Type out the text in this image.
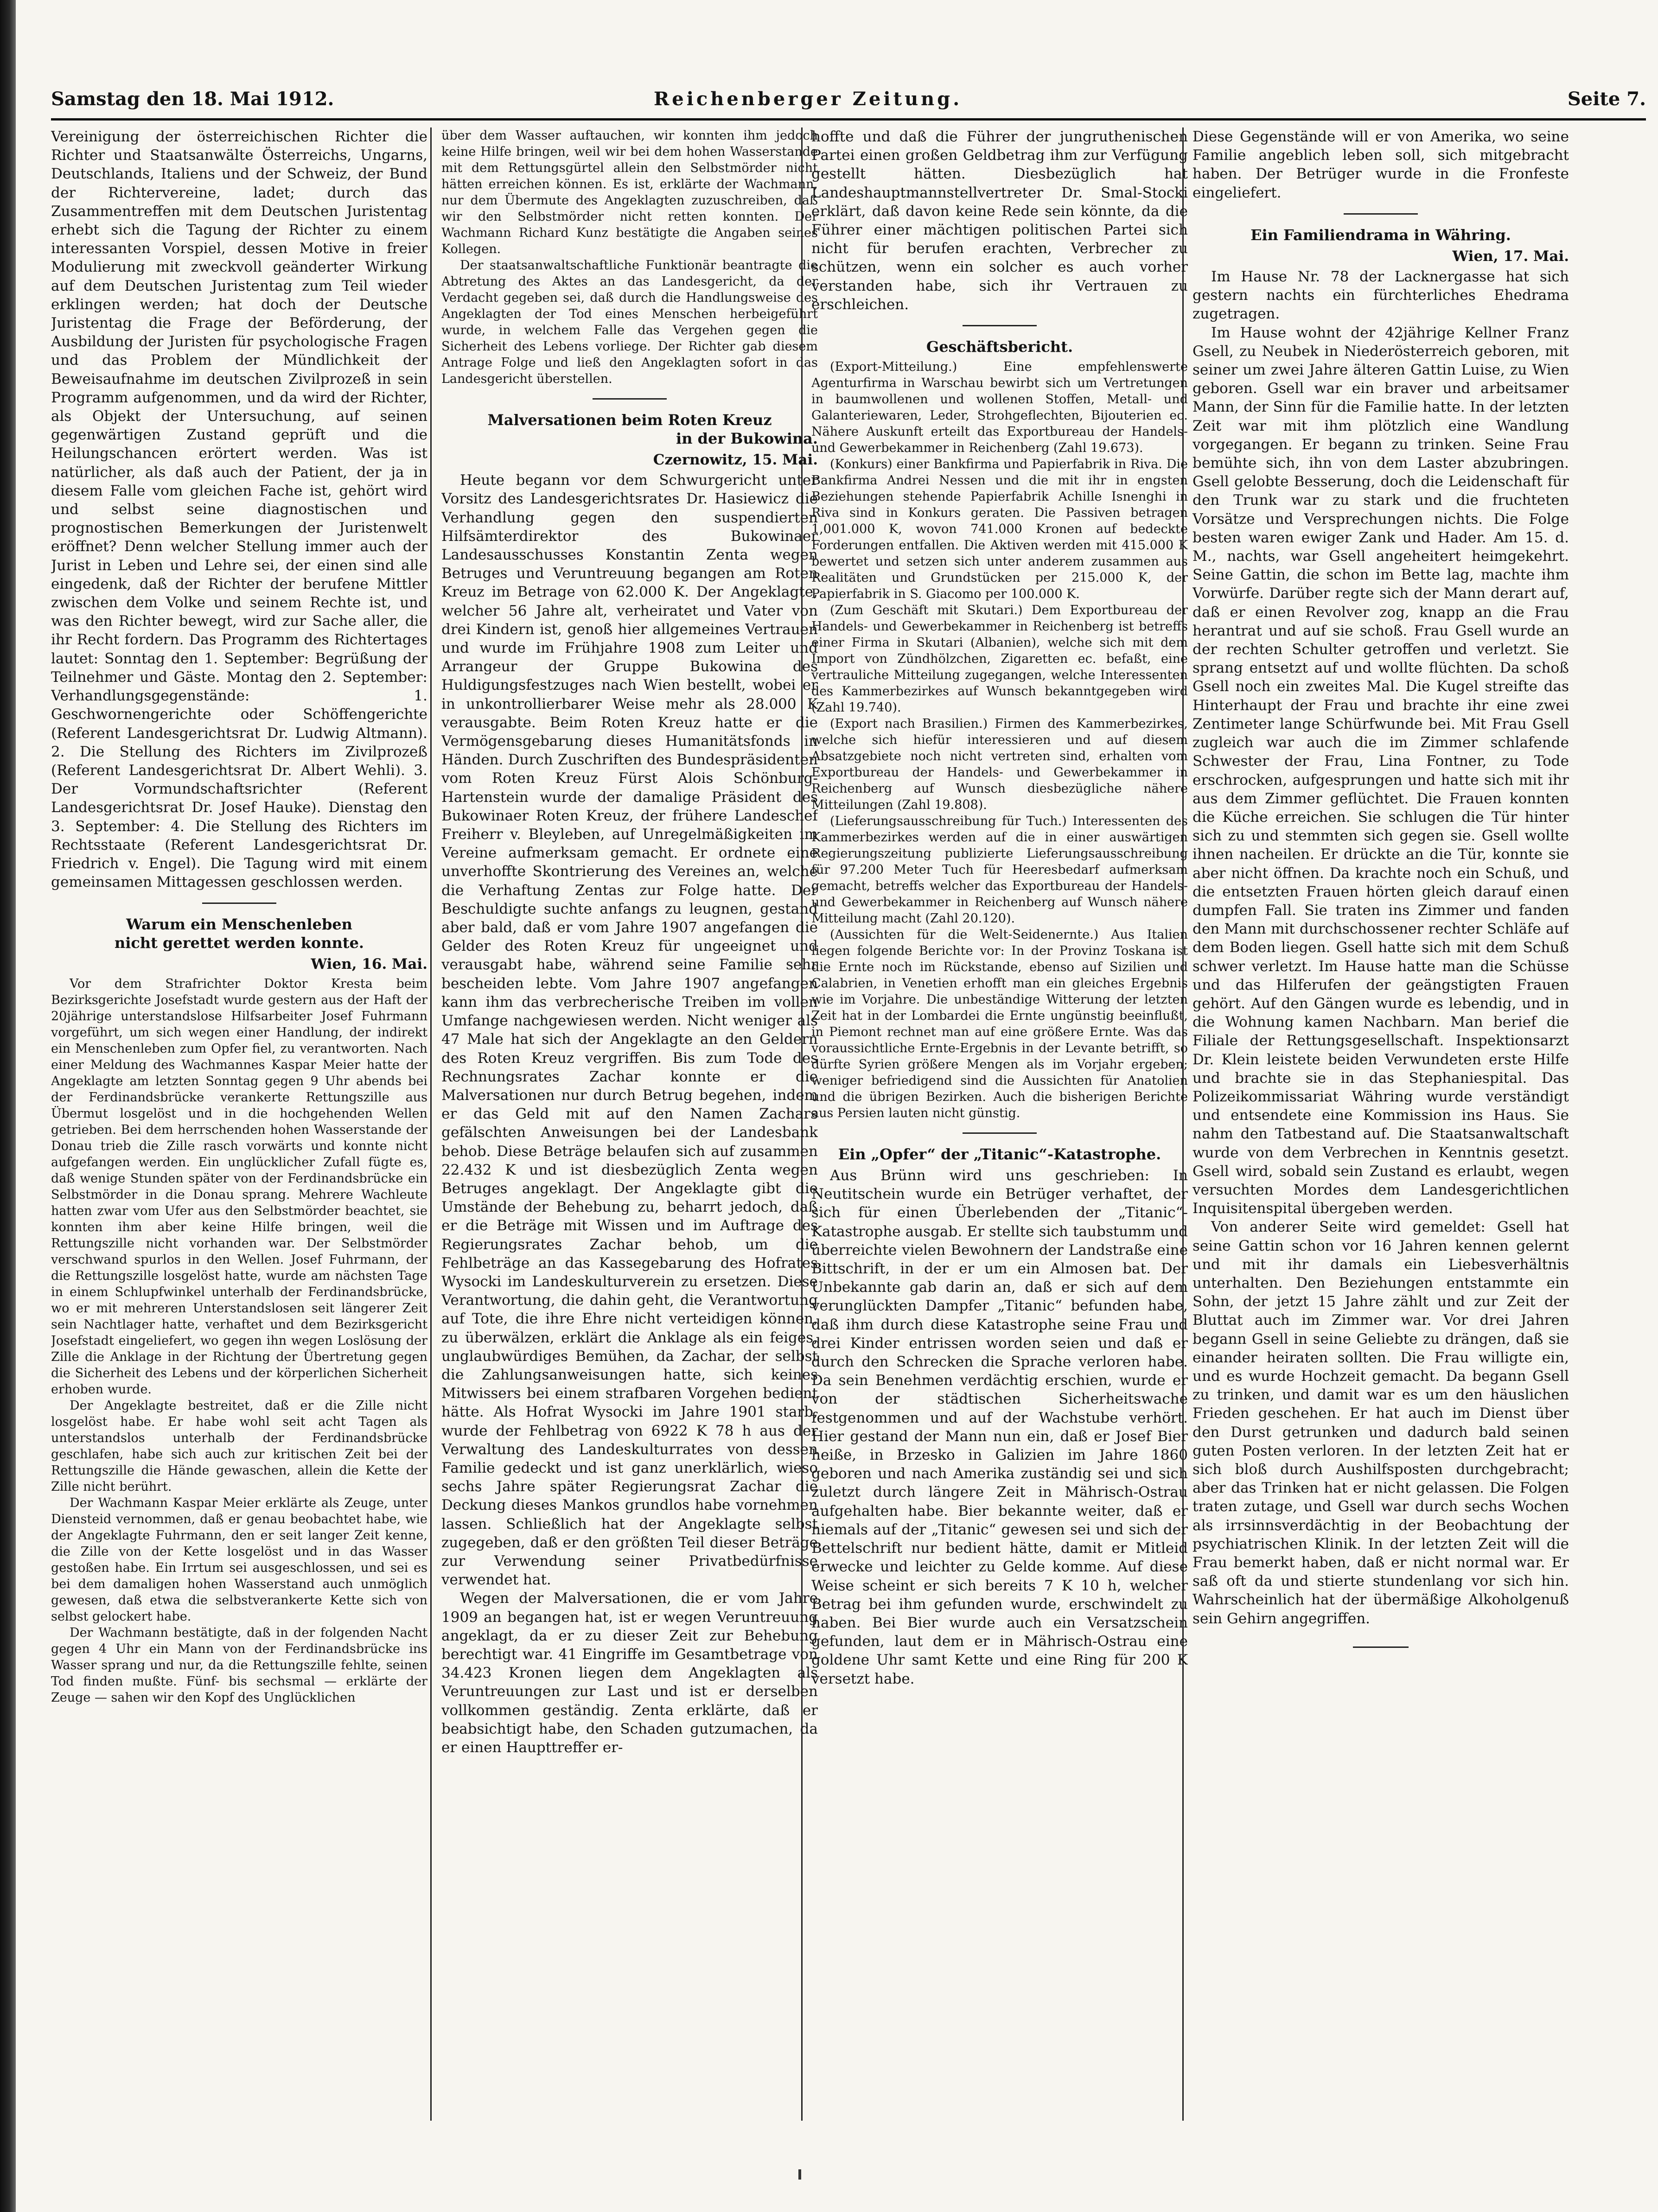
Samstag den 18. Mai 1912.	Reichenberger Zeitung.	Seite 7.

Vereinigung der österreichischen Richter die Richter und Staatsanwälte Österreichs, Ungarns, Deutschlands, Italiens und der Schweiz, der Bund der Richtervereine, ladet; durch das Zusammentreffen mit dem Deutschen Juristentag erhebt sich die Tagung der Richter zu einem interessanten Vorspiel, dessen Motive in freier Modulierung mit zweckvoll geänderter Wirkung auf dem Deutschen Juristentag zum Teil wieder erklingen werden; hat doch der Deutsche Juristentag die Frage der Beförderung, der Ausbildung der Juristen für psychologische Fragen und das Problem der Mündlichkeit der Beweisaufnahme im deutschen Zivilprozeß in sein Programm aufgenommen, und da wird der Richter, als Objekt der Untersuchung, auf seinen gegenwärtigen Zustand geprüft und die Heilungschancen erörtert werden. Was ist natürlicher, als daß auch der Patient, der ja in diesem Falle vom gleichen Fache ist, gehört wird und selbst seine diagnostischen und prognostischen Bemerkungen der Juristenwelt eröffnet? Denn welcher Stellung immer auch der Jurist in Leben und Lehre sei, der einen sind alle eingedenk, daß der Richter der berufene Mittler zwischen dem Volke und seinem Rechte ist, und was den Richter bewegt, wird zur Sache aller, die ihr Recht fordern. Das Programm des Richtertages lautet: Sonntag den 1. September: Begrüßung der Teilnehmer und Gäste. Montag den 2. September: Verhandlungsgegenstände: 1. Geschwornengerichte oder Schöffengerichte (Referent Landesgerichtsrat Dr. Ludwig Altmann). 2. Die Stellung des Richters im Zivilprozeß (Referent Landesgerichtsrat Dr. Albert Wehli). 3. Der Vormundschaftsrichter (Referent Landesgerichtsrat Dr. Josef Hauke). Dienstag den 3. September: 4. Die Stellung des Richters im Rechtsstaate (Referent Landesgerichtsrat Dr. Friedrich v. Engel). Die Tagung wird mit einem gemeinsamen Mittagessen geschlossen werden.

Warum ein Menschenleben
nicht gerettet werden konnte.
Wien, 16. Mai.

Vor dem Strafrichter Doktor Kresta beim Bezirksgerichte Josefstadt wurde gestern aus der Haft der 20jährige unterstandslose Hilfsarbeiter Josef Fuhrmann vorgeführt, um sich wegen einer Handlung, der indirekt ein Menschenleben zum Opfer fiel, zu verantworten. Nach einer Meldung des Wachmannes Kaspar Meier hatte der Angeklagte am letzten Sonntag gegen 9 Uhr abends bei der Ferdinandsbrücke verankerte Rettungszille aus Übermut losgelöst und in die hochgehenden Wellen getrieben. Bei dem herrschenden hohen Wasserstande der Donau trieb die Zille rasch vorwärts und konnte nicht aufgefangen werden. Ein unglücklicher Zufall fügte es, daß wenige Stunden später von der Ferdinandsbrücke ein Selbstmörder in die Donau sprang. Mehrere Wachleute hatten zwar vom Ufer aus den Selbstmörder beachtet, sie konnten ihm aber keine Hilfe bringen, weil die Rettungszille nicht vorhanden war. Der Selbstmörder verschwand spurlos in den Wellen. Josef Fuhrmann, der die Rettungszille losgelöst hatte, wurde am nächsten Tage in einem Schlupfwinkel unterhalb der Ferdinandsbrücke, wo er mit mehreren Unterstandslosen seit längerer Zeit sein Nachtlager hatte, verhaftet und dem Bezirksgericht Josefstadt eingeliefert, wo gegen ihn wegen Loslösung der Zille die Anklage in der Richtung der Übertretung gegen die Sicherheit des Lebens und der körperlichen Sicherheit erhoben wurde.

Der Angeklagte bestreitet, daß er die Zille nicht losgelöst habe. Er habe wohl seit acht Tagen als unterstandslos unterhalb der Ferdinandsbrücke geschlafen, habe sich auch zur kritischen Zeit bei der Rettungszille die Hände gewaschen, allein die Kette der Zille nicht berührt.

Der Wachmann Kaspar Meier erklärte als Zeuge, unter Diensteid vernommen, daß er genau beobachtet habe, wie der Angeklagte Fuhrmann, den er seit langer Zeit kenne, die Zille von der Kette losgelöst und in das Wasser gestoßen habe. Ein Irrtum sei ausgeschlossen, und sei es bei dem damaligen hohen Wasserstand auch unmöglich gewesen, daß etwa die selbstverankerte Kette sich von selbst gelockert habe.

Der Wachmann bestätigte, daß in der folgenden Nacht gegen 4 Uhr ein Mann von der Ferdinandsbrücke ins Wasser sprang und nur, da die Rettungszille fehlte, seinen Tod finden mußte. Fünf- bis sechsmal — erklärte der Zeuge — sahen wir den Kopf des Unglücklichen

über dem Wasser auftauchen, wir konnten ihm jedoch keine Hilfe bringen, weil wir bei dem hohen Wasserstande mit dem Rettungsgürtel allein den Selbstmörder nicht hätten erreichen können. Es ist, erklärte der Wachmann, nur dem Übermute des Angeklagten zuzuschreiben, daß wir den Selbstmörder nicht retten konnten. Der Wachmann Richard Kunz bestätigte die Angaben seines Kollegen.

Der staatsanwaltschaftliche Funktionär beantragte die Abtretung des Aktes an das Landesgericht, da der Verdacht gegeben sei, daß durch die Handlungsweise des Angeklagten der Tod eines Menschen herbeigeführt wurde, in welchem Falle das Vergehen gegen die Sicherheit des Lebens vorliege. Der Richter gab diesem Antrage Folge und ließ den Angeklagten sofort in das Landesgericht überstellen.

Malversationen beim Roten Kreuz
in der Bukowina.
Czernowitz, 15. Mai.

Heute begann vor dem Schwurgericht unter Vorsitz des Landesgerichtsrates Dr. Hasiewicz die Verhandlung gegen den suspendierten Hilfsämterdirektor des Bukowinaer Landesausschusses Konstantin Zenta wegen Betruges und Veruntreuung begangen am Roten Kreuz im Betrage von 62.000 K. Der Angeklagte, welcher 56 Jahre alt, verheiratet und Vater von drei Kindern ist, genoß hier allgemeines Vertrauen und wurde im Frühjahre 1908 zum Leiter und Arrangeur der Gruppe Bukowina des Huldigungsfestzuges nach Wien bestellt, wobei er in unkontrollierbarer Weise mehr als 28.000 K verausgabte. Beim Roten Kreuz hatte er die Vermögensgebarung dieses Humanitätsfonds in Händen. Durch Zuschriften des Bundespräsidenten vom Roten Kreuz Fürst Alois Schönburg-Hartenstein wurde der damalige Präsident des Bukowinaer Roten Kreuz, der frühere Landeschef Freiherr v. Bleyleben, auf Unregelmäßigkeiten im Vereine aufmerksam gemacht. Er ordnete eine unverhoffte Skontrierung des Vereines an, welche die Verhaftung Zentas zur Folge hatte. Der Beschuldigte suchte anfangs zu leugnen, gestand aber bald, daß er vom Jahre 1907 angefangen die Gelder des Roten Kreuz für ungeeignet und verausgabt habe, während seine Familie sehr bescheiden lebte. Vom Jahre 1907 angefangen kann ihm das verbrecherische Treiben im vollen Umfange nachgewiesen werden. Nicht weniger als 47 Male hat sich der Angeklagte an den Geldern des Roten Kreuz vergriffen. Bis zum Tode des Rechnungsrates Zachar konnte er die Malversationen nur durch Betrug begehen, indem er das Geld mit auf den Namen Zachars gefälschten Anweisungen bei der Landesbank behob. Diese Beträge belaufen sich auf zusammen 22.432 K und ist diesbezüglich Zenta wegen Betruges angeklagt. Der Angeklagte gibt die Umstände der Behebung zu, beharrt jedoch, daß er die Beträge mit Wissen und im Auftrage des Regierungsrates Zachar behob, um die Fehlbeträge an das Kassegebarung des Hofrates Wysocki im Landeskulturverein zu ersetzen. Diese Verantwortung, die dahin geht, die Verantwortung auf Tote, die ihre Ehre nicht verteidigen können, zu überwälzen, erklärt die Anklage als ein feiges, unglaubwürdiges Bemühen, da Zachar, der selbst die Zahlungsanweisungen hatte, sich keines Mitwissers bei einem strafbaren Vorgehen bedient hätte. Als Hofrat Wysocki im Jahre 1901 starb, wurde der Fehlbetrag von 6922 K 78 h aus der Verwaltung des Landeskulturrates von dessen Familie gedeckt und ist ganz unerklärlich, wieso sechs Jahre später Regierungsrat Zachar die Deckung dieses Mankos grundlos habe vornehmen lassen. Schließlich hat der Angeklagte selbst zugegeben, daß er den größten Teil dieser Beträge zur Verwendung seiner Privatbedürfnisse verwendet hat.

Wegen der Malversationen, die er vom Jahre 1909 an begangen hat, ist er wegen Veruntreuung angeklagt, da er zu dieser Zeit zur Behebung berechtigt war. 41 Eingriffe im Gesamtbetrage von 34.423 Kronen liegen dem Angeklagten als Veruntreuungen zur Last und ist er derselben vollkommen geständig. Zenta erklärte, daß er beabsichtigt habe, den Schaden gutzumachen, da er einen Haupttreffer er-

hoffte und daß die Führer der jungruthenischen Partei einen großen Geldbetrag ihm zur Verfügung gestellt hätten. Diesbezüglich hat Landeshauptmannstellvertreter Dr. Smal-Stocki erklärt, daß davon keine Rede sein könnte, da die Führer einer mächtigen politischen Partei sich nicht für berufen erachten, Verbrecher zu schützen, wenn ein solcher es auch vorher verstanden habe, sich ihr Vertrauen zu erschleichen.

Geschäftsbericht.

(Export-Mitteilung.) Eine empfehlenswerte Agenturfirma in Warschau bewirbt sich um Vertretungen in baumwollenen und wollenen Stoffen, Metall- und Galanteriewaren, Leder, Strohgeflechten, Bijouterien ec. Nähere Auskunft erteilt das Exportbureau der Handels- und Gewerbekammer in Reichenberg (Zahl 19.673).

(Konkurs) einer Bankfirma und Papierfabrik in Riva. Die Bankfirma Andrei Nessen und die mit ihr in engsten Beziehungen stehende Papierfabrik Achille Isnenghi in Riva sind in Konkurs geraten. Die Passiven betragen 1,001.000 K, wovon 741.000 Kronen auf bedeckte Forderungen entfallen. Die Aktiven werden mit 415.000 K bewertet und setzen sich unter anderem zusammen aus Realitäten und Grundstücken per 215.000 K, der Papierfabrik in S. Giacomo per 100.000 K.

(Zum Geschäft mit Skutari.) Dem Exportbureau der Handels- und Gewerbekammer in Reichenberg ist betreffs einer Firma in Skutari (Albanien), welche sich mit dem Import von Zündhölzchen, Zigaretten ec. befaßt, eine vertrauliche Mitteilung zugegangen, welche Interessenten des Kammerbezirkes auf Wunsch bekanntgegeben wird (Zahl 19.740).

(Export nach Brasilien.) Firmen des Kammerbezirkes, welche sich hiefür interessieren und auf diesem Absatzgebiete noch nicht vertreten sind, erhalten vom Exportbureau der Handels- und Gewerbekammer in Reichenberg auf Wunsch diesbezügliche nähere Mitteilungen (Zahl 19.808).

(Lieferungsausschreibung für Tuch.) Interessenten des Kammerbezirkes werden auf die in einer auswärtigen Regierungszeitung publizierte Lieferungsausschreibung für 97.200 Meter Tuch für Heeresbedarf aufmerksam gemacht, betreffs welcher das Exportbureau der Handels- und Gewerbekammer in Reichenberg auf Wunsch nähere Mitteilung macht (Zahl 20.120).

(Aussichten für die Welt-Seidenernte.) Aus Italien liegen folgende Berichte vor: In der Provinz Toskana ist die Ernte noch im Rückstande, ebenso auf Sizilien und Calabrien, in Venetien erhofft man ein gleiches Ergebnis wie im Vorjahre. Die unbeständige Witterung der letzten Zeit hat in der Lombardei die Ernte ungünstig beeinflußt, in Piemont rechnet man auf eine größere Ernte. Was das voraussichtliche Ernte-Ergebnis in der Levante betrifft, so dürfte Syrien größere Mengen als im Vorjahr ergeben; weniger befriedigend sind die Aussichten für Anatolien und die übrigen Bezirken. Auch die bisherigen Berichte aus Persien lauten nicht günstig.

Ein „Opfer“ der „Titanic“-Katastrophe.

Aus Brünn wird uns geschrieben: In Neutitschein wurde ein Betrüger verhaftet, der sich für einen Überlebenden der „Titanic“-Katastrophe ausgab. Er stellte sich taubstumm und überreichte vielen Bewohnern der Landstraße eine Bittschrift, in der er um ein Almosen bat. Der Unbekannte gab darin an, daß er sich auf dem verunglückten Dampfer „Titanic“ befunden habe, daß ihm durch diese Katastrophe seine Frau und drei Kinder entrissen worden seien und daß er durch den Schrecken die Sprache verloren habe. Da sein Benehmen verdächtig erschien, wurde er von der städtischen Sicherheitswache festgenommen und auf der Wachstube verhört. Hier gestand der Mann nun ein, daß er Josef Bier heiße, in Brzesko in Galizien im Jahre 1860 geboren und nach Amerika zuständig sei und sich zuletzt durch längere Zeit in Mährisch-Ostrau aufgehalten habe. Bier bekannte weiter, daß er niemals auf der „Titanic“ gewesen sei und sich der Bettelschrift nur bedient hätte, damit er Mitleid erwecke und leichter zu Gelde komme. Auf diese Weise scheint er sich bereits 7 K 10 h, welcher Betrag bei ihm gefunden wurde, erschwindelt zu haben. Bei Bier wurde auch ein Versatzschein gefunden, laut dem er in Mährisch-Ostrau eine goldene Uhr samt Kette und eine Ring für 200 K versetzt habe.

Diese Gegenstände will er von Amerika, wo seine Familie angeblich leben soll, sich mitgebracht haben. Der Betrüger wurde in die Fronfeste eingeliefert.

Ein Familiendrama in Währing.
Wien, 17. Mai.

Im Hause Nr. 78 der Lacknergasse hat sich gestern nachts ein fürchterliches Ehedrama zugetragen.

Im Hause wohnt der 42jährige Kellner Franz Gsell, zu Neubek in Niederösterreich geboren, mit seiner um zwei Jahre älteren Gattin Luise, zu Wien geboren. Gsell war ein braver und arbeitsamer Mann, der Sinn für die Familie hatte. In der letzten Zeit war mit ihm plötzlich eine Wandlung vorgegangen. Er begann zu trinken. Seine Frau bemühte sich, ihn von dem Laster abzubringen. Gsell gelobte Besserung, doch die Leidenschaft für den Trunk war zu stark und die fruchteten Vorsätze und Versprechungen nichts. Die Folge besten waren ewiger Zank und Hader. Am 15. d. M., nachts, war Gsell angeheitert heimgekehrt. Seine Gattin, die schon im Bette lag, machte ihm Vorwürfe. Darüber regte sich der Mann derart auf, daß er einen Revolver zog, knapp an die Frau herantrat und auf sie schoß. Frau Gsell wurde an der rechten Schulter getroffen und verletzt. Sie sprang entsetzt auf und wollte flüchten. Da schoß Gsell noch ein zweites Mal. Die Kugel streifte das Hinterhaupt der Frau und brachte ihr eine zwei Zentimeter lange Schürfwunde bei. Mit Frau Gsell zugleich war auch die im Zimmer schlafende Schwester der Frau, Lina Fontner, zu Tode erschrocken, aufgesprungen und hatte sich mit ihr aus dem Zimmer geflüchtet. Die Frauen konnten die Küche erreichen. Sie schlugen die Tür hinter sich zu und stemmten sich gegen sie. Gsell wollte ihnen nacheilen. Er drückte an die Tür, konnte sie aber nicht öffnen. Da krachte noch ein Schuß, und die entsetzten Frauen hörten gleich darauf einen dumpfen Fall. Sie traten ins Zimmer und fanden den Mann mit durchschossener rechter Schläfe auf dem Boden liegen. Gsell hatte sich mit dem Schuß schwer verletzt. Im Hause hatte man die Schüsse und das Hilferufen der geängstigten Frauen gehört. Auf den Gängen wurde es lebendig, und in die Wohnung kamen Nachbarn. Man berief die Filiale der Rettungsgesellschaft. Inspektionsarzt Dr. Klein leistete beiden Verwundeten erste Hilfe und brachte sie in das Stephaniespital. Das Polizeikommissariat Währing wurde verständigt und entsendete eine Kommission ins Haus. Sie nahm den Tatbestand auf. Die Staatsanwaltschaft wurde von dem Verbrechen in Kenntnis gesetzt. Gsell wird, sobald sein Zustand es erlaubt, wegen versuchten Mordes dem Landesgerichtlichen Inquisitenspital übergeben werden.

Von anderer Seite wird gemeldet: Gsell hat seine Gattin schon vor 16 Jahren kennen gelernt und mit ihr damals ein Liebesverhältnis unterhalten. Den Beziehungen entstammte ein Sohn, der jetzt 15 Jahre zählt und zur Zeit der Bluttat auch im Zimmer war. Vor drei Jahren begann Gsell in seine Geliebte zu drängen, daß sie einander heiraten sollten. Die Frau willigte ein, und es wurde Hochzeit gemacht. Da begann Gsell zu trinken, und damit war es um den häuslichen Frieden geschehen. Er hat auch im Dienst über den Durst getrunken und dadurch bald seinen guten Posten verloren. In der letzten Zeit hat er sich bloß durch Aushilfsposten durchgebracht; aber das Trinken hat er nicht gelassen. Die Folgen traten zutage, und Gsell war durch sechs Wochen als irrsinnsverdächtig in der Beobachtung der psychiatrischen Klinik. In der letzten Zeit will die Frau bemerkt haben, daß er nicht normal war. Er saß oft da und stierte stundenlang vor sich hin. Wahrscheinlich hat der übermäßige Alkoholgenuß sein Gehirn angegriffen.
